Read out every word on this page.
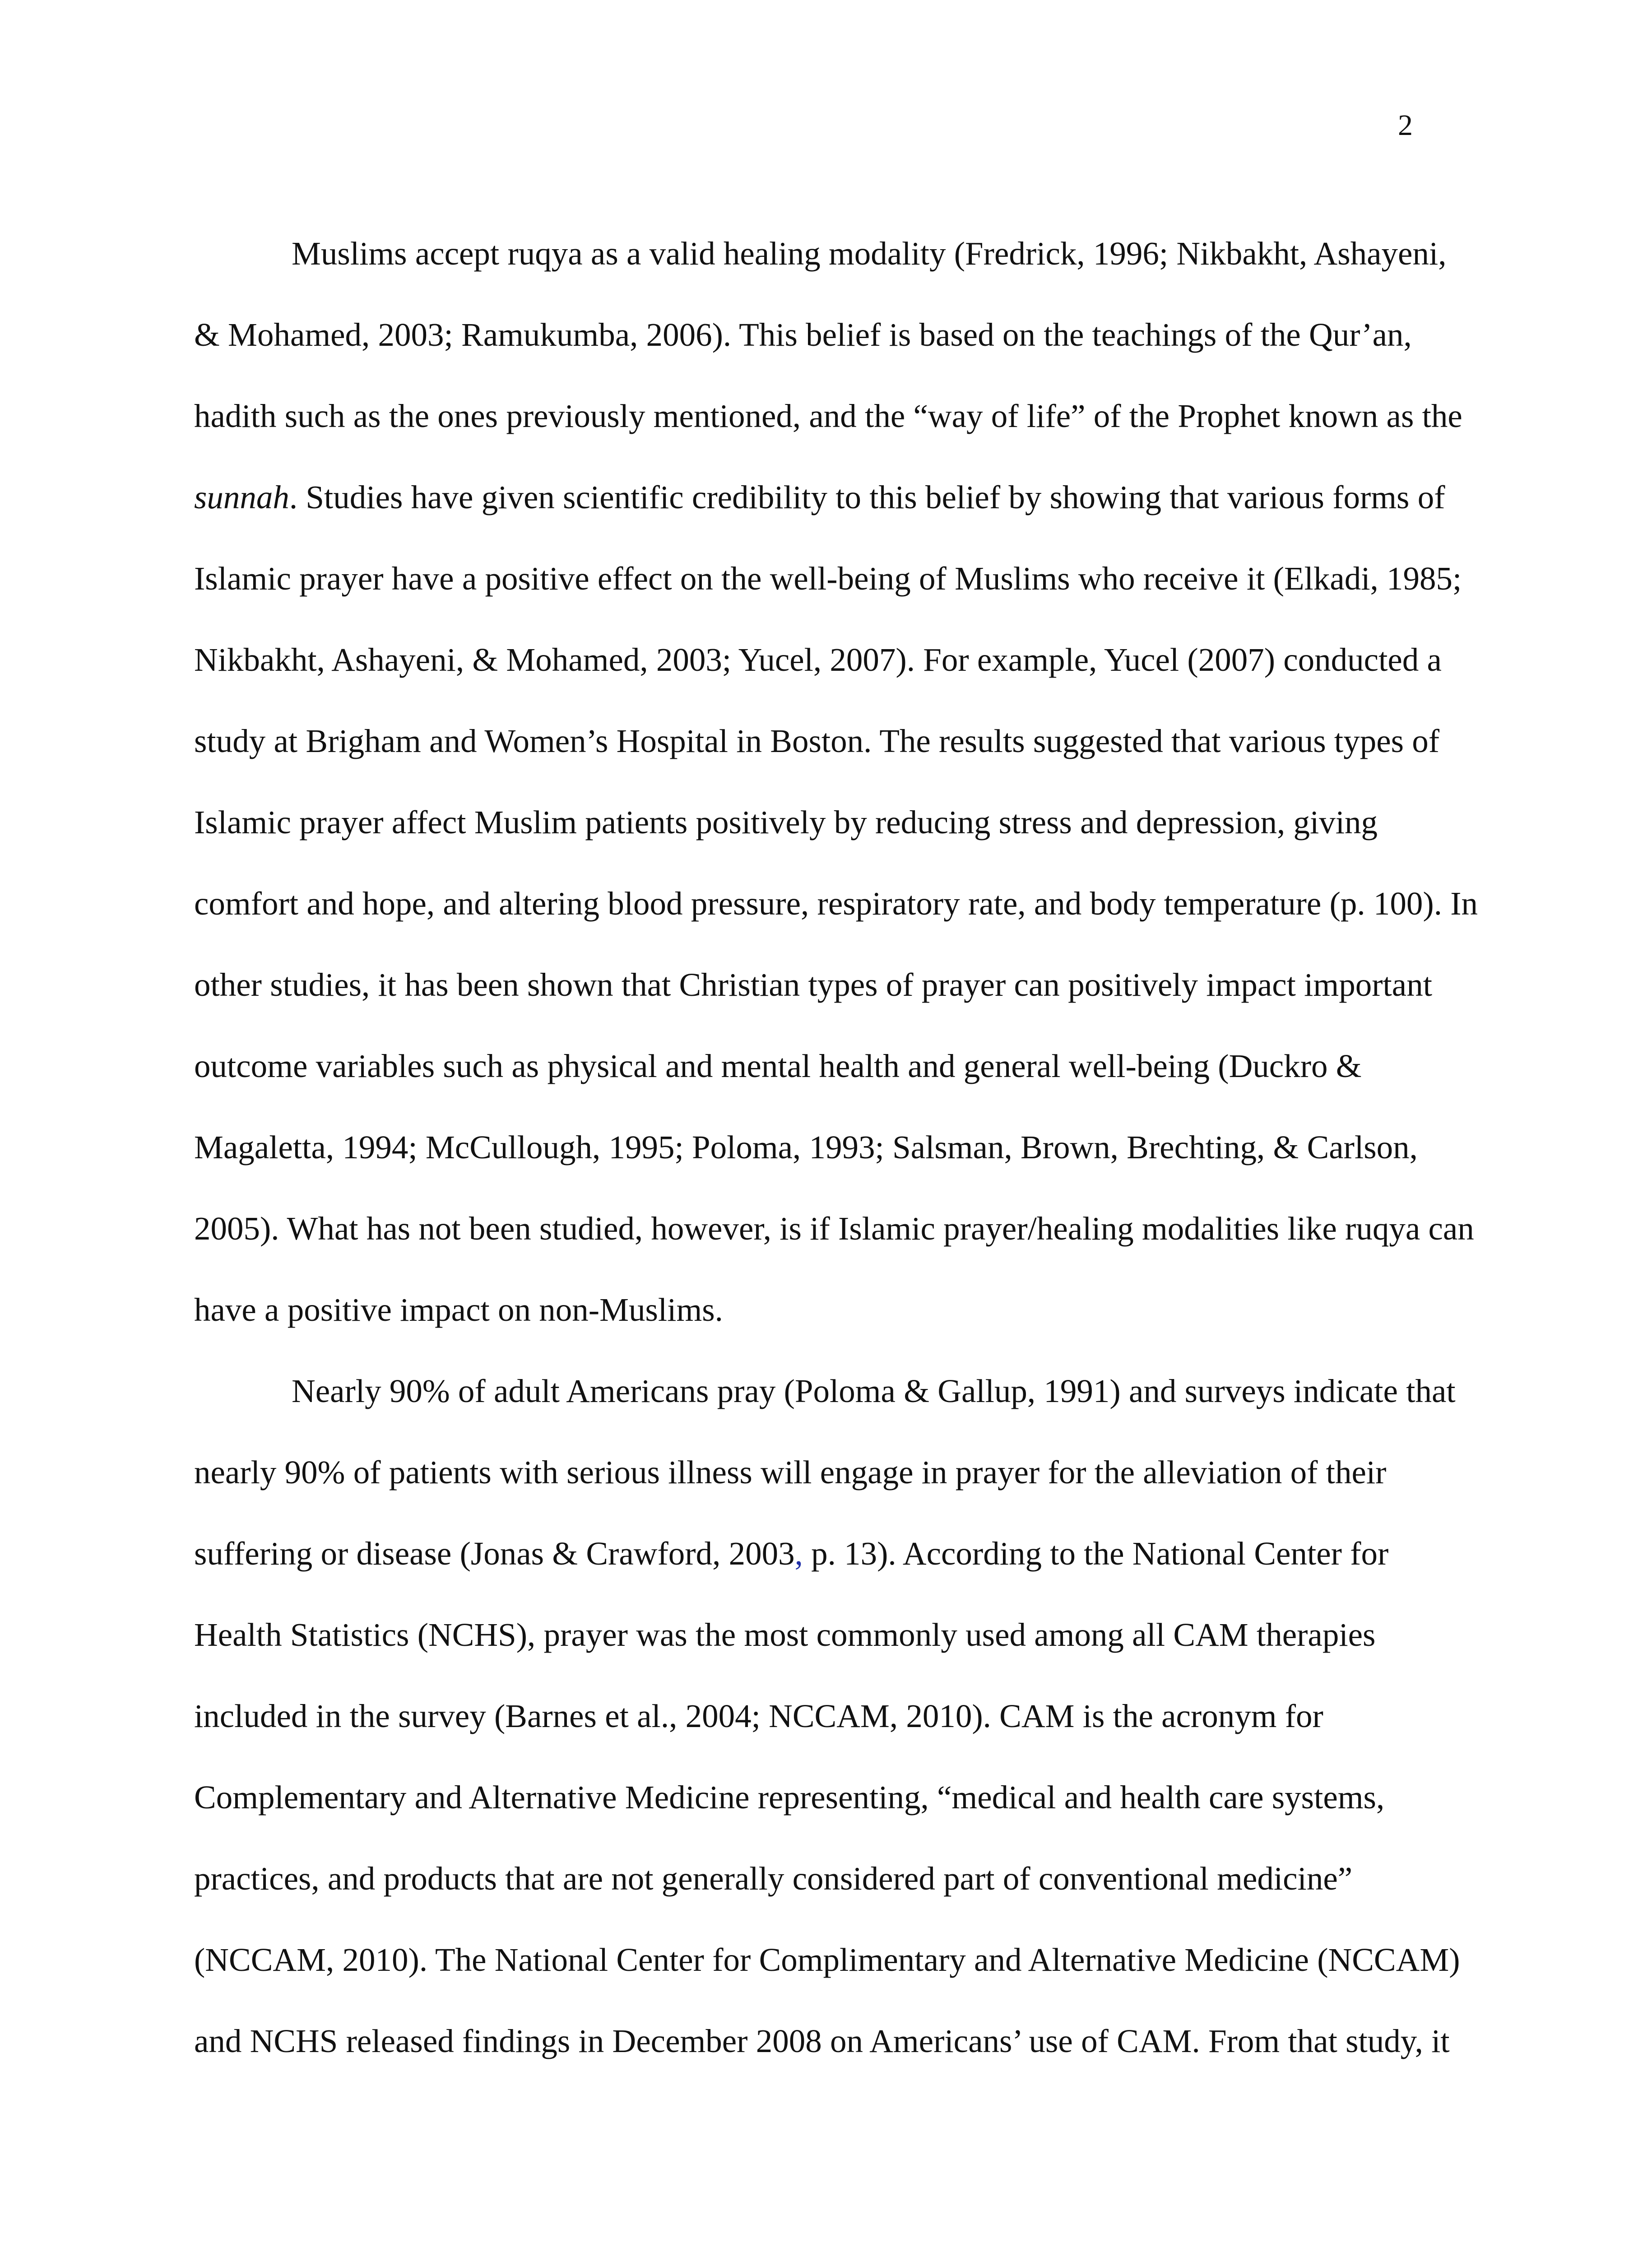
2
Muslims accept ruqya as a valid healing modality (Fredrick, 1996; Nikbakht, Ashayeni,
& Mohamed, 2003; Ramukumba, 2006). This belief is based on the teachings of the Qur’an,
hadith such as the ones previously mentioned, and the “way of life” of the Prophet known as the
sunnah. Studies have given scientific credibility to this belief by showing that various forms of
Islamic prayer have a positive effect on the well-being of Muslims who receive it (Elkadi, 1985;
Nikbakht, Ashayeni, & Mohamed, 2003; Yucel, 2007). For example, Yucel (2007) conducted a
study at Brigham and Women’s Hospital in Boston. The results suggested that various types of
Islamic prayer affect Muslim patients positively by reducing stress and depression, giving
comfort and hope, and altering blood pressure, respiratory rate, and body temperature (p. 100). In
other studies, it has been shown that Christian types of prayer can positively impact important
outcome variables such as physical and mental health and general well-being (Duckro &
Magaletta, 1994; McCullough, 1995; Poloma, 1993; Salsman, Brown, Brechting, & Carlson,
2005). What has not been studied, however, is if Islamic prayer/healing modalities like ruqya can
have a positive impact on non-Muslims.
Nearly 90% of adult Americans pray (Poloma & Gallup, 1991) and surveys indicate that
nearly 90% of patients with serious illness will engage in prayer for the alleviation of their
suffering or disease (Jonas & Crawford, 2003, p. 13). According to the National Center for
Health Statistics (NCHS), prayer was the most commonly used among all CAM therapies
included in the survey (Barnes et al., 2004; NCCAM, 2010). CAM is the acronym for
Complementary and Alternative Medicine representing, “medical and health care systems,
practices, and products that are not generally considered part of conventional medicine”
(NCCAM, 2010). The National Center for Complimentary and Alternative Medicine (NCCAM)
and NCHS released findings in December 2008 on Americans’ use of CAM. From that study, it
